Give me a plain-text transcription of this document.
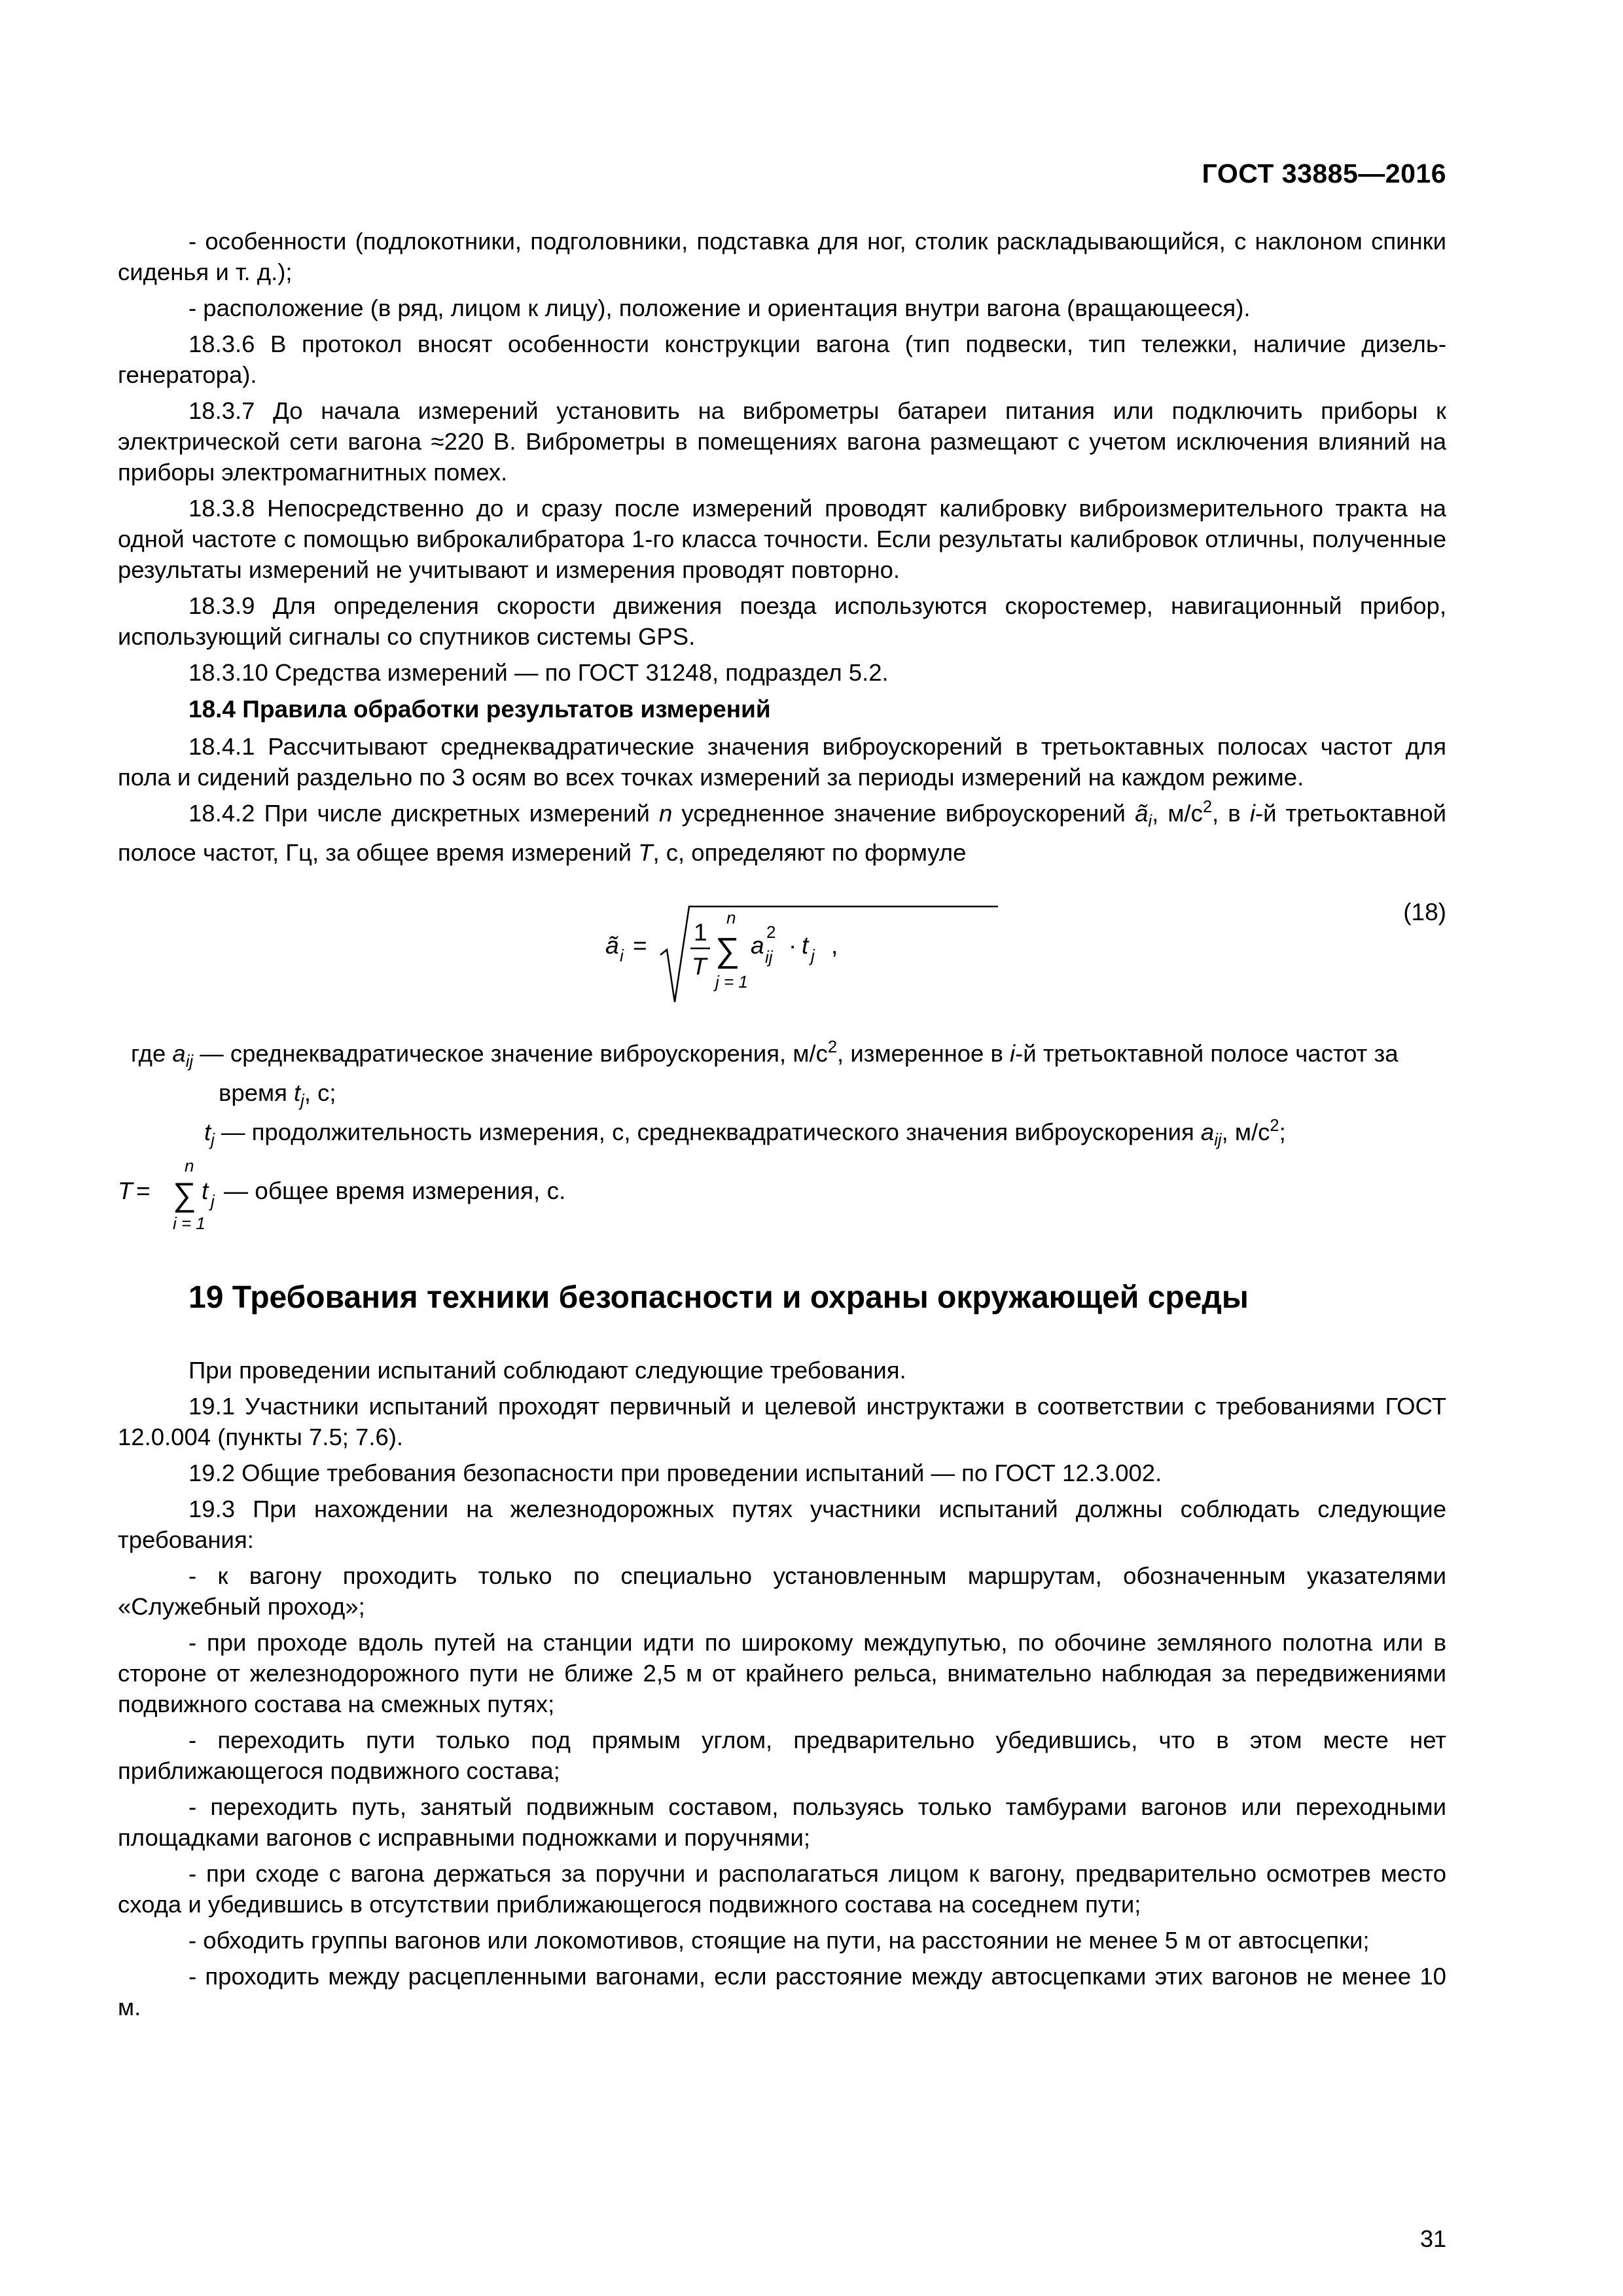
ГОСТ 33885—2016

- особенности (подлокотники, подголовники, подставка для ног, столик раскладывающийся, с наклоном спинки сиденья и т. д.);

- расположение (в ряд, лицом к лицу), положение и ориентация внутри вагона (вращающееся).

18.3.6 В протокол вносят особенности конструкции вагона (тип подвески, тип тележки, наличие дизель-генератора).

18.3.7 До начала измерений установить на виброметры батареи питания или подключить приборы к электрической сети вагона ≈220 В. Виброметры в помещениях вагона размещают с учетом исключения влияний на приборы электромагнитных помех.

18.3.8 Непосредственно до и сразу после измерений проводят калибровку виброизмерительного тракта на одной частоте с помощью виброкалибратора 1-го класса точности. Если результаты калибровок отличны, полученные результаты измерений не учитывают и измерения проводят повторно.

18.3.9 Для определения скорости движения поезда используются скоростемер, навигационный прибор, использующий сигналы со спутников системы GPS.

18.3.10 Средства измерений — по ГОСТ 31248, подраздел 5.2.

18.4 Правила обработки результатов измерений

18.4.1 Рассчитывают среднеквадратические значения виброускорений в третьоктавных полосах частот для пола и сидений раздельно по 3 осям во всех точках измерений за периоды измерений на каждом режиме.

18.4.2 При числе дискретных измерений n усредненное значение виброускорений $ã_i$, $м/с^2$, в i-й третьоктавной полосе частот, Гц, за общее время измерений T, с, определяют по формуле

ã i = 1
T
n
∑
j = 1
a ij
2 · t j ,
(18)
где $a_{ij}$ — среднеквадратическое значение виброускорения, $м/с^2$, измеренное в i-й третьоктавной полосе частот за время $t_j$, с;
$t_j$ — продолжительность измерения, с, среднеквадратического значения виброускорения $a_{ij}$, $м/с^2$;
T =
n
∑
i = 1
t j — общее время измерения, с.
19 Требования техники безопасности и охраны окружающей среды

При проведении испытаний соблюдают следующие требования.

19.1 Участники испытаний проходят первичный и целевой инструктажи в соответствии с требованиями ГОСТ 12.0.004 (пункты 7.5; 7.6).

19.2 Общие требования безопасности при проведении испытаний — по ГОСТ 12.3.002.

19.3 При нахождении на железнодорожных путях участники испытаний должны соблюдать следующие требования:

- к вагону проходить только по специально установленным маршрутам, обозначенным указателями «Служебный проход»;

- при проходе вдоль путей на станции идти по широкому междупутью, по обочине земляного полотна или в стороне от железнодорожного пути не ближе 2,5 м от крайнего рельса, внимательно наблюдая за передвижениями подвижного состава на смежных путях;

- переходить пути только под прямым углом, предварительно убедившись, что в этом месте нет приближающегося подвижного состава;

- переходить путь, занятый подвижным составом, пользуясь только тамбурами вагонов или переходными площадками вагонов с исправными подножками и поручнями;

- при сходе с вагона держаться за поручни и располагаться лицом к вагону, предварительно осмотрев место схода и убедившись в отсутствии приближающегося подвижного состава на соседнем пути;

- обходить группы вагонов или локомотивов, стоящие на пути, на расстоянии не менее 5 м от автосцепки;

- проходить между расцепленными вагонами, если расстояние между автосцепками этих вагонов не менее 10 м.

31
